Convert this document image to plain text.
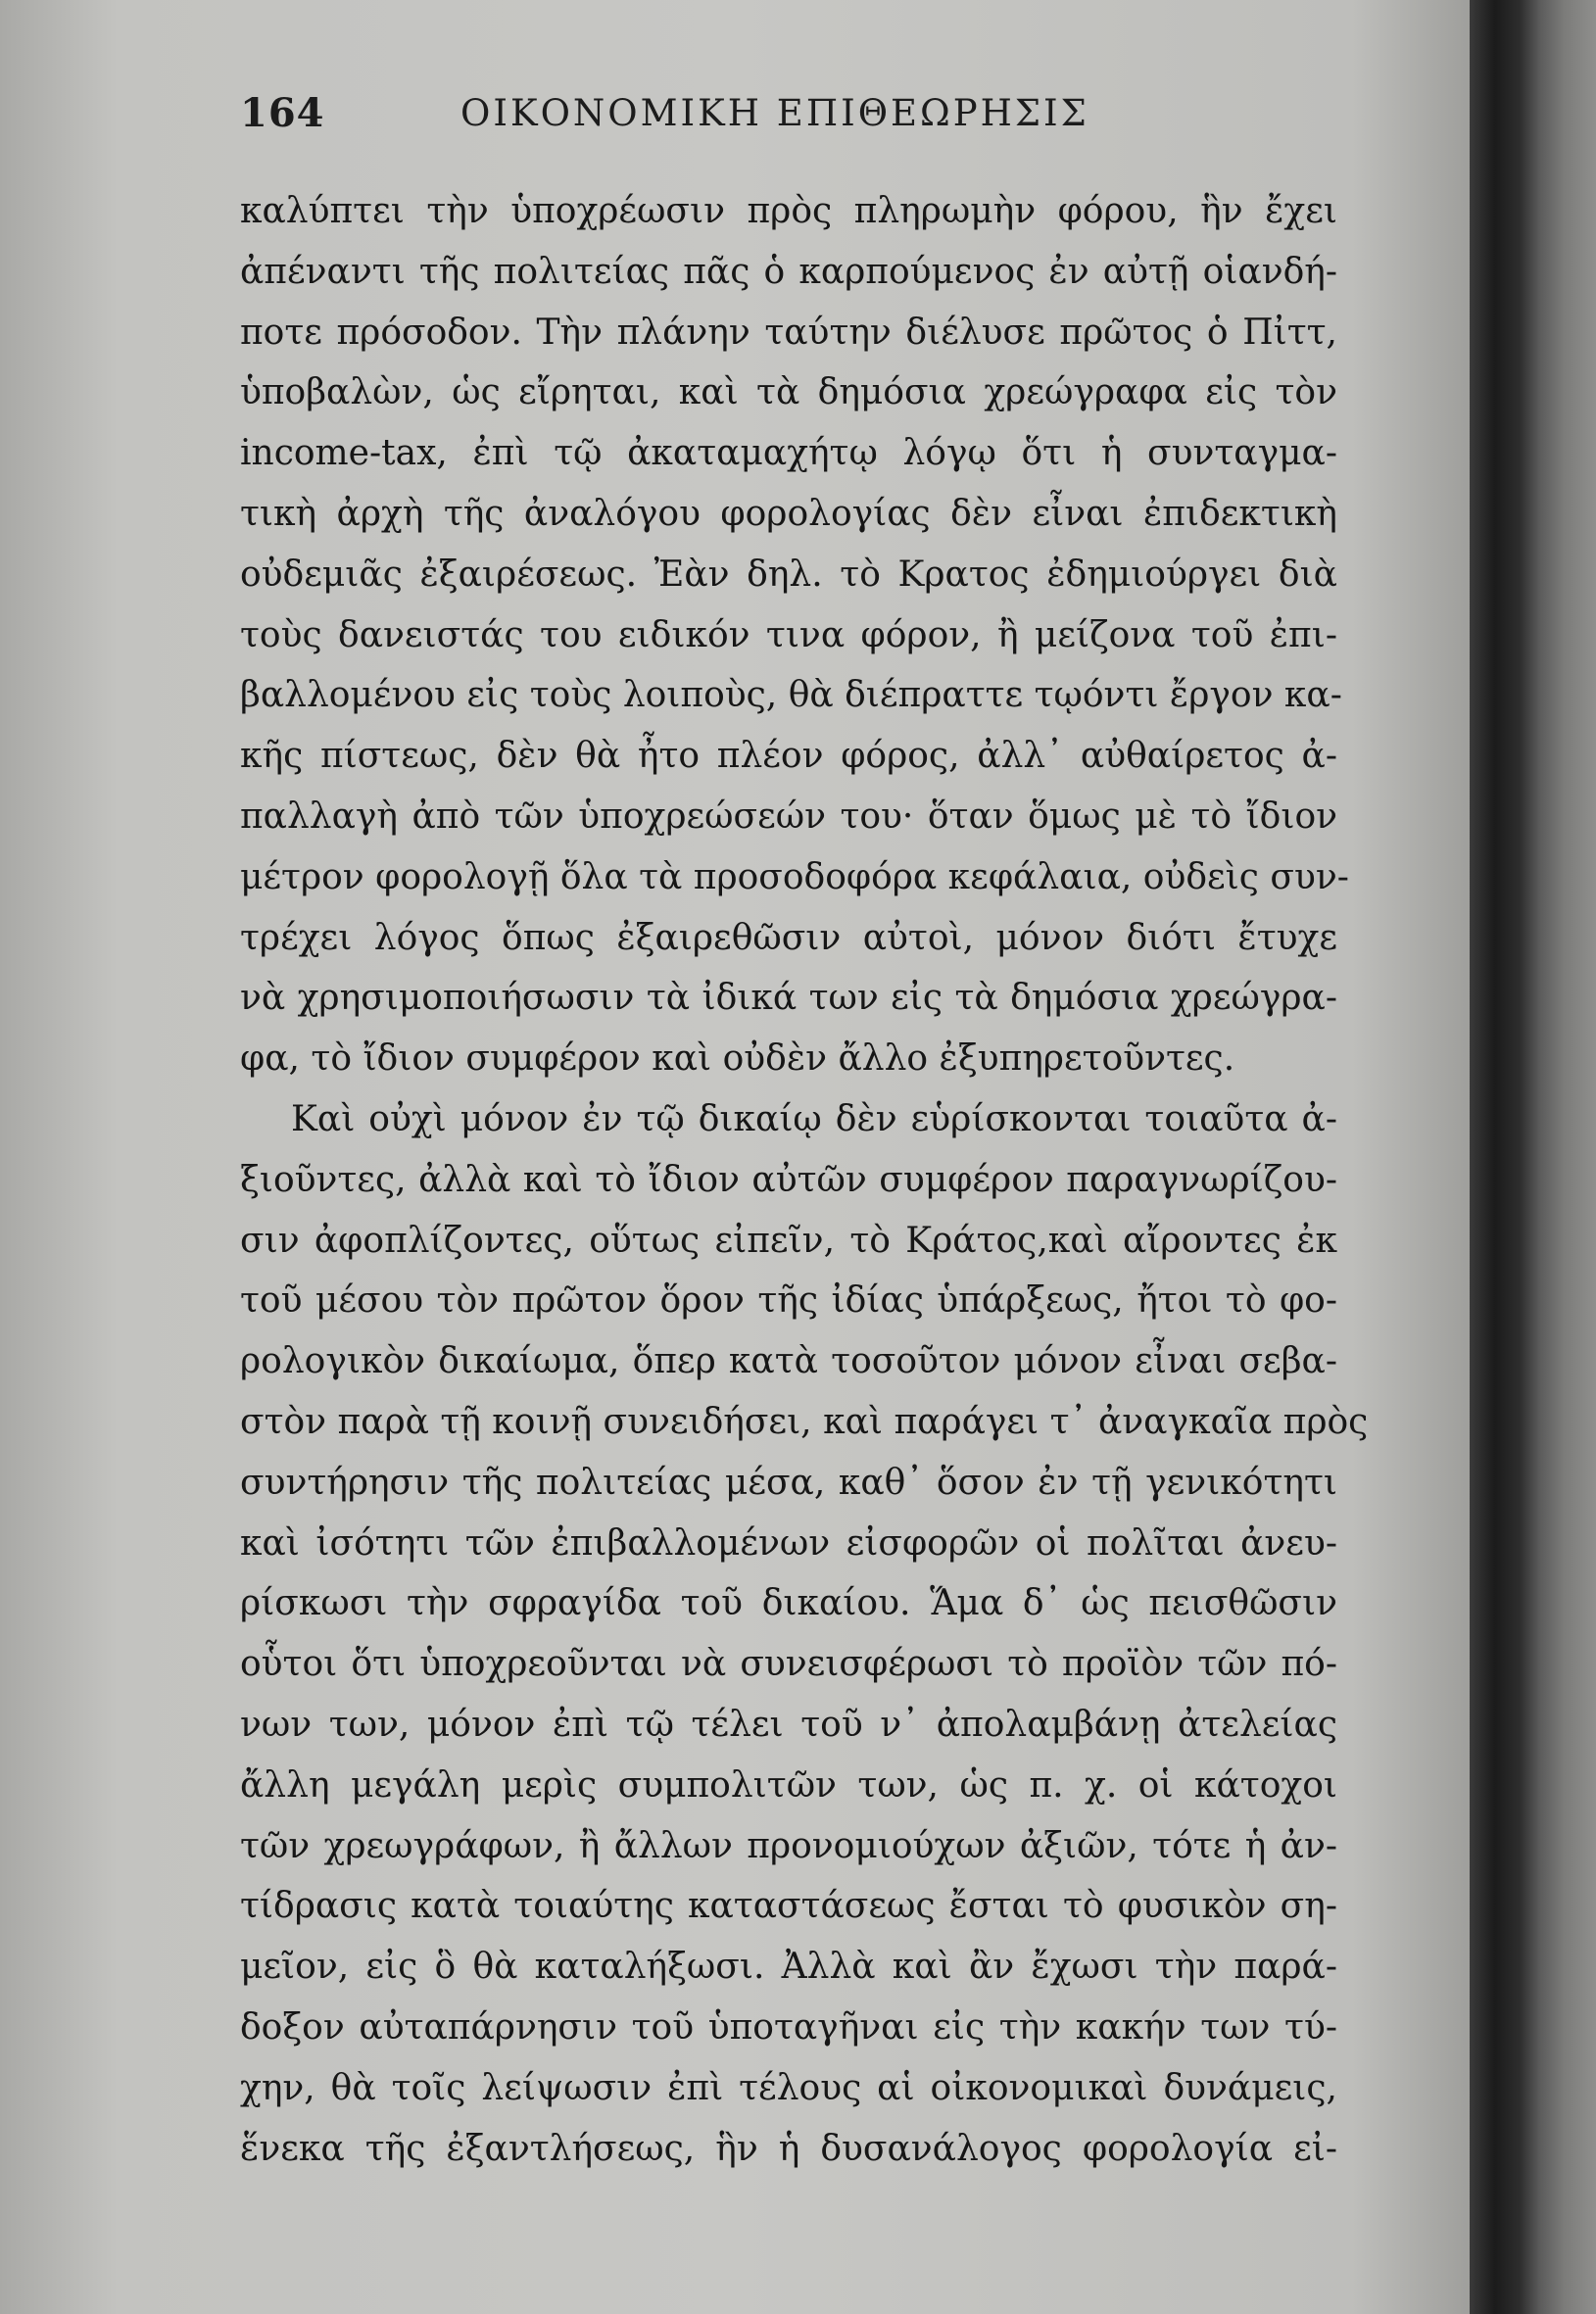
164	ΟΙΚΟΝΟΜΙΚΗ ΕΠΙΘΕΩΡΗΣΙΣ
καλύπτει τὴν ὑποχρέωσιν πρὸς πληρωμὴν φόρου, ἣν ἔχει
ἀπέναντι τῆς πολιτείας πᾶς ὁ καρπούμενος ἐν αὐτῇ οἱανδή-
ποτε πρόσοδον. Τὴν πλάνην ταύτην διέλυσε πρῶτος ὁ Πἰττ,
ὑποβαλὼν, ὡς εἴρηται, καὶ τὰ δημόσια χρεώγραφα εἰς τὸν
income-tax, ἐπὶ τῷ ἀκαταμαχήτῳ λόγῳ ὅτι ἡ συνταγμα-
τικὴ ἀρχὴ τῆς ἀναλόγου φορολογίας δὲν εἶναι ἐπιδεκτικὴ
οὐδεμιᾶς ἐξαιρέσεως. Ἐὰν δηλ. τὸ Κρατος ἐδημιούργει διὰ
τοὺς δανειστάς του ειδικόν τινα φόρον, ἢ μείζονα τοῦ ἐπι-
βαλλομένου εἰς τοὺς λοιποὺς, θὰ διέπραττε τῳόντι ἔργον κα-
κῆς πίστεως, δὲν θὰ ἦτο πλέον φόρος, ἀλλ᾽ αὐθαίρετος ἀ-
παλλαγὴ ἀπὸ τῶν ὑποχρεώσεών του· ὅταν ὅμως μὲ τὸ ἴδιον
μέτρον φορολογῇ ὅλα τὰ προσοδοφόρα κεφάλαια, οὐδεὶς συν-
τρέχει λόγος ὅπως ἐξαιρεθῶσιν αὐτοὶ, μόνον διότι ἔτυχε
νὰ χρησιμοποιήσωσιν τὰ ἰδικά των εἰς τὰ δημόσια χρεώγρα-
φα, τὸ ἴδιον συμφέρον καὶ οὐδὲν ἄλλο ἐξυπηρετοῦντες.
Καὶ οὐχὶ μόνον ἐν τῷ δικαίῳ δὲν εὑρίσκονται τοιαῦτα ἀ-
ξιοῦντες, ἀλλὰ καὶ τὸ ἴδιον αὐτῶν συμφέρον παραγνωρίζου-
σιν ἀφοπλίζοντες, οὕτως εἰπεῖν, τὸ Κράτος,καὶ αἴροντες ἐκ
τοῦ μέσου τὸν πρῶτον ὅρον τῆς ἰδίας ὑπάρξεως, ἤτοι τὸ φο-
ρολογικὸν δικαίωμα, ὅπερ κατὰ τοσοῦτον μόνον εἶναι σεβα-
στὸν παρὰ τῇ κοινῇ συνειδήσει, καὶ παράγει τ᾽ ἀναγκαῖα πρὸς
συντήρησιν τῆς πολιτείας μέσα, καθ᾽ ὅσον ἐν τῇ γενικότητι
καὶ ἰσότητι τῶν ἐπιβαλλομένων εἰσφορῶν οἱ πολῖται ἀνευ-
ρίσκωσι τὴν σφραγίδα τοῦ δικαίου. Ἅμα δ᾽ ὡς πεισθῶσιν
οὗτοι ὅτι ὑποχρεοῦνται νὰ συνεισφέρωσι τὸ προϊὸν τῶν πό-
νων των, μόνον ἐπὶ τῷ τέλει τοῦ ν᾽ ἀπολαμβάνῃ ἀτελείας
ἄλλη μεγάλη μερὶς συμπολιτῶν των, ὡς π. χ. οἱ κάτοχοι
τῶν χρεωγράφων, ἢ ἄλλων προνομιούχων ἀξιῶν, τότε ἡ ἀν-
τίδρασις κατὰ τοιαύτης καταστάσεως ἔσται τὸ φυσικὸν ση-
μεῖον, εἰς ὃ θὰ καταλήξωσι. Ἀλλὰ καὶ ἂν ἔχωσι τὴν παρά-
δοξον αὐταπάρνησιν τοῦ ὑποταγῆναι εἰς τὴν κακήν των τύ-
χην, θὰ τοῖς λείψωσιν ἐπὶ τέλους αἱ οἰκονομικαὶ δυνάμεις,
ἕνεκα τῆς ἐξαντλήσεως, ἣν ἡ δυσανάλογος φορολογία εἰ-
